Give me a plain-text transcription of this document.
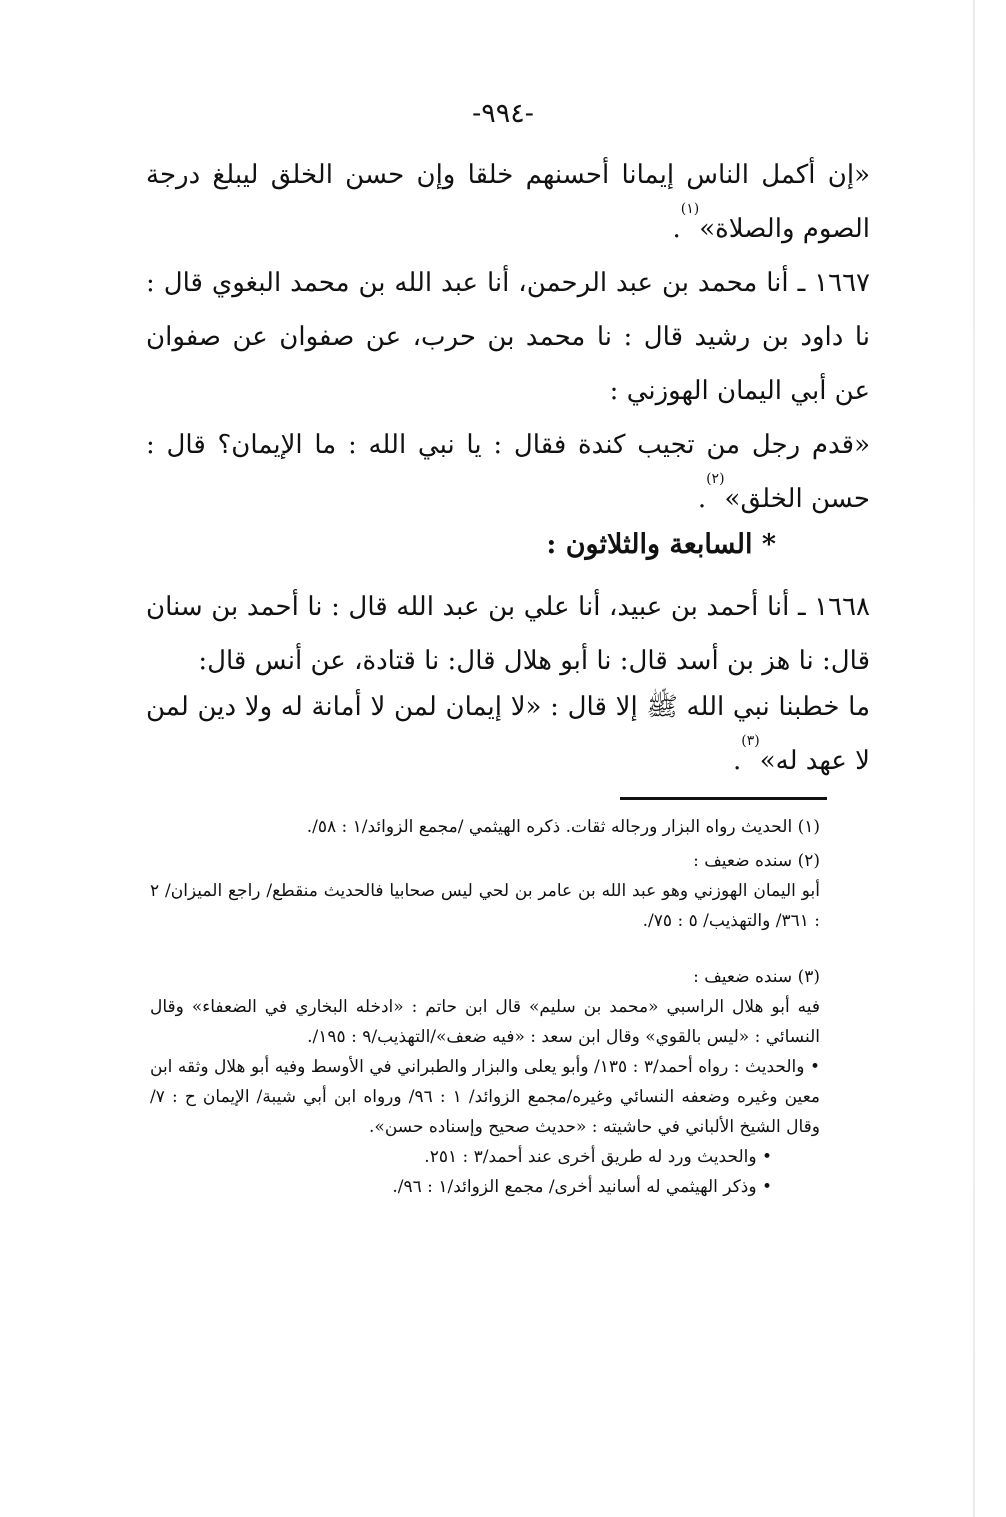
-٩٩٤-

«إن أكمل الناس إيمانا أحسنهم خلقا وإن حسن الخلق ليبلغ درجة الصوم والصلاة»$^{(١)}$.

١٦٦٧ ـ أنا محمد بن عبد الرحمن، أنا عبد الله بن محمد البغوي قال : نا داود بن رشيد قال : نا محمد بن حرب، عن صفوان عن صفوان عن أبي اليمان الهوزني :

«قدم رجل من تجيب كندة فقال : يا نبي الله : ما الإيمان؟ قال : حسن الخلق»$^{(٢)}$.

* السابعة والثلاثون :

١٦٦٨ ـ أنا أحمد بن عبيد، أنا علي بن عبد الله قال : نا أحمد بن سنان قال: نا هز بن أسد قال: نا أبو هلال قال: نا قتادة، عن أنس قال:

ما خطبنا نبي الله ﷺ إلا قال : «لا إيمان لمن لا أمانة له ولا دين لمن لا عهد له»$^{(٣)}$.

(١) الحديث رواه البزار ورجاله ثقات. ذكره الهيثمي /مجمع الزوائد/١ : ٥٨/.

(٢) سنده ضعيف :

أبو اليمان الهوزني وهو عبد الله بن عامر بن لحي ليس صحابيا فالحديث منقطع/ راجع الميزان/ ٢ : ٣٦١/ والتهذيب/ ٥ : ٧٥/.

(٣) سنده ضعيف :

فيه أبو هلال الراسبي «محمد بن سليم» قال ابن حاتم : «ادخله البخاري في الضعفاء» وقال النسائي : «ليس بالقوي» وقال ابن سعد : «فيه ضعف»/التهذيب/٩ : ١٩٥/.

• والحديث : رواه أحمد/٣ : ١٣٥/ وأبو يعلى والبزار والطبراني في الأوسط وفيه أبو هلال وثقه ابن معين وغيره وضعفه النسائي وغيره/مجمع الزوائد/ ١ : ٩٦/ ورواه ابن أبي شيبة/ الإيمان ح : ٧/ وقال الشيخ الألباني في حاشيته : «حديث صحيح وإسناده حسن».

• والحديث ورد له طريق أخرى عند أحمد/٣ : ٢٥١.

• وذكر الهيثمي له أسانيد أخرى/ مجمع الزوائد/١ : ٩٦/.
